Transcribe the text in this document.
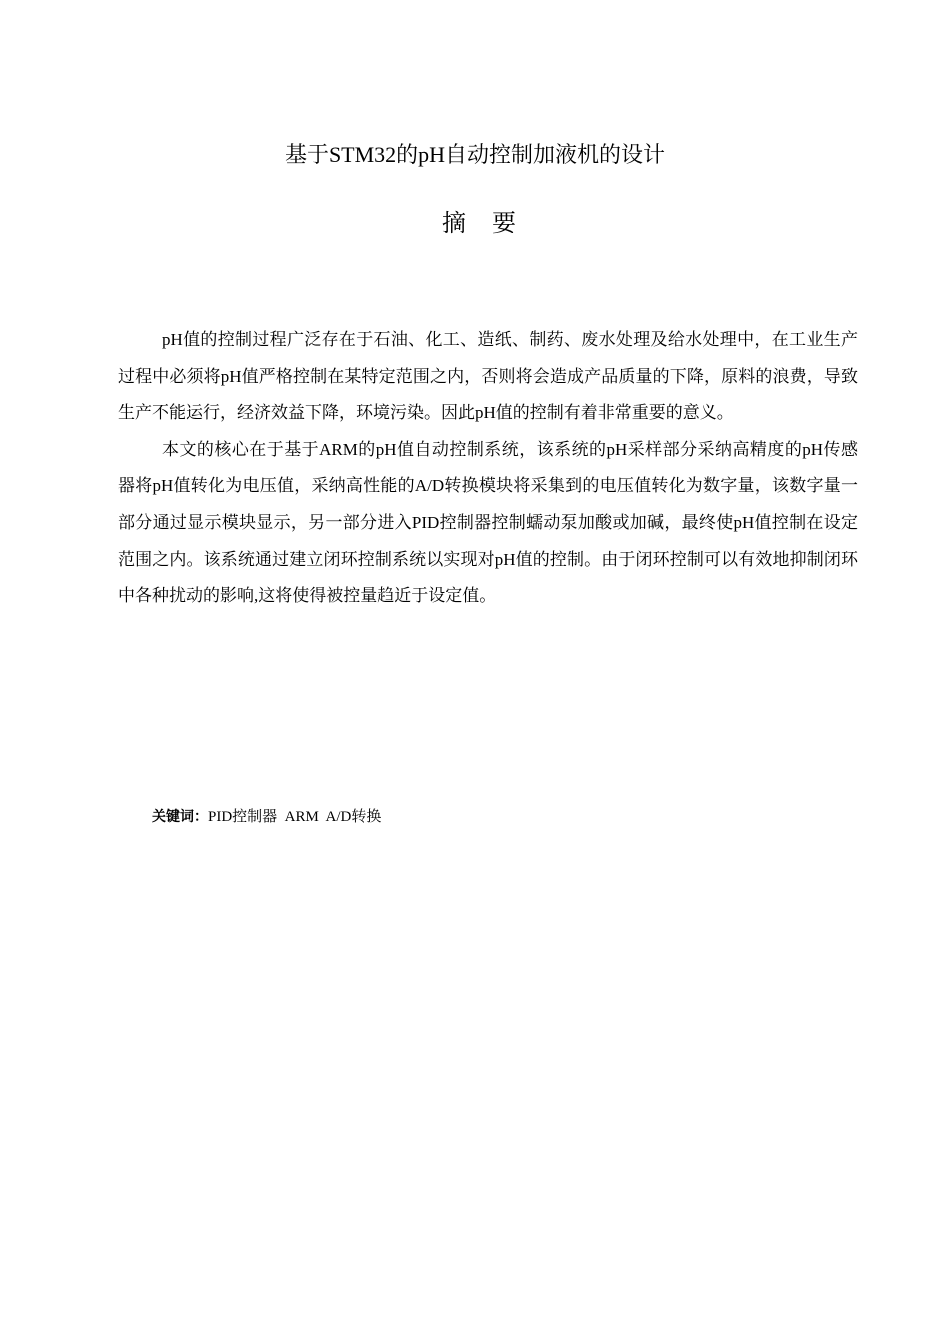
基于STM32的pH自动控制加液机的设计
摘 要

pH值的控制过程广泛存在于石油、化工、造纸、制药、废水处理及给水处理中，在工业生产过程中必须将pH值严格控制在某特定范围之内，否则将会造成产品质量的下降，原料的浪费，导致生产不能运行，经济效益下降，环境污染。因此pH值的控制有着非常重要的意义。

本文的核心在于基于ARM的pH值自动控制系统，该系统的pH采样部分采纳高精度的pH传感器将pH值转化为电压值，采纳高性能的A/D转换模块将采集到的电压值转化为数字量，该数字量一部分通过显示模块显示，另一部分进入PID控制器控制蠕动泵加酸或加碱，最终使pH值控制在设定范围之内。该系统通过建立闭环控制系统以实现对pH值的控制。由于闭环控制可以有效地抑制闭环中各种扰动的影响,这将使得被控量趋近于设定值。

关键词：PID控制器  ARM  A/D转换
